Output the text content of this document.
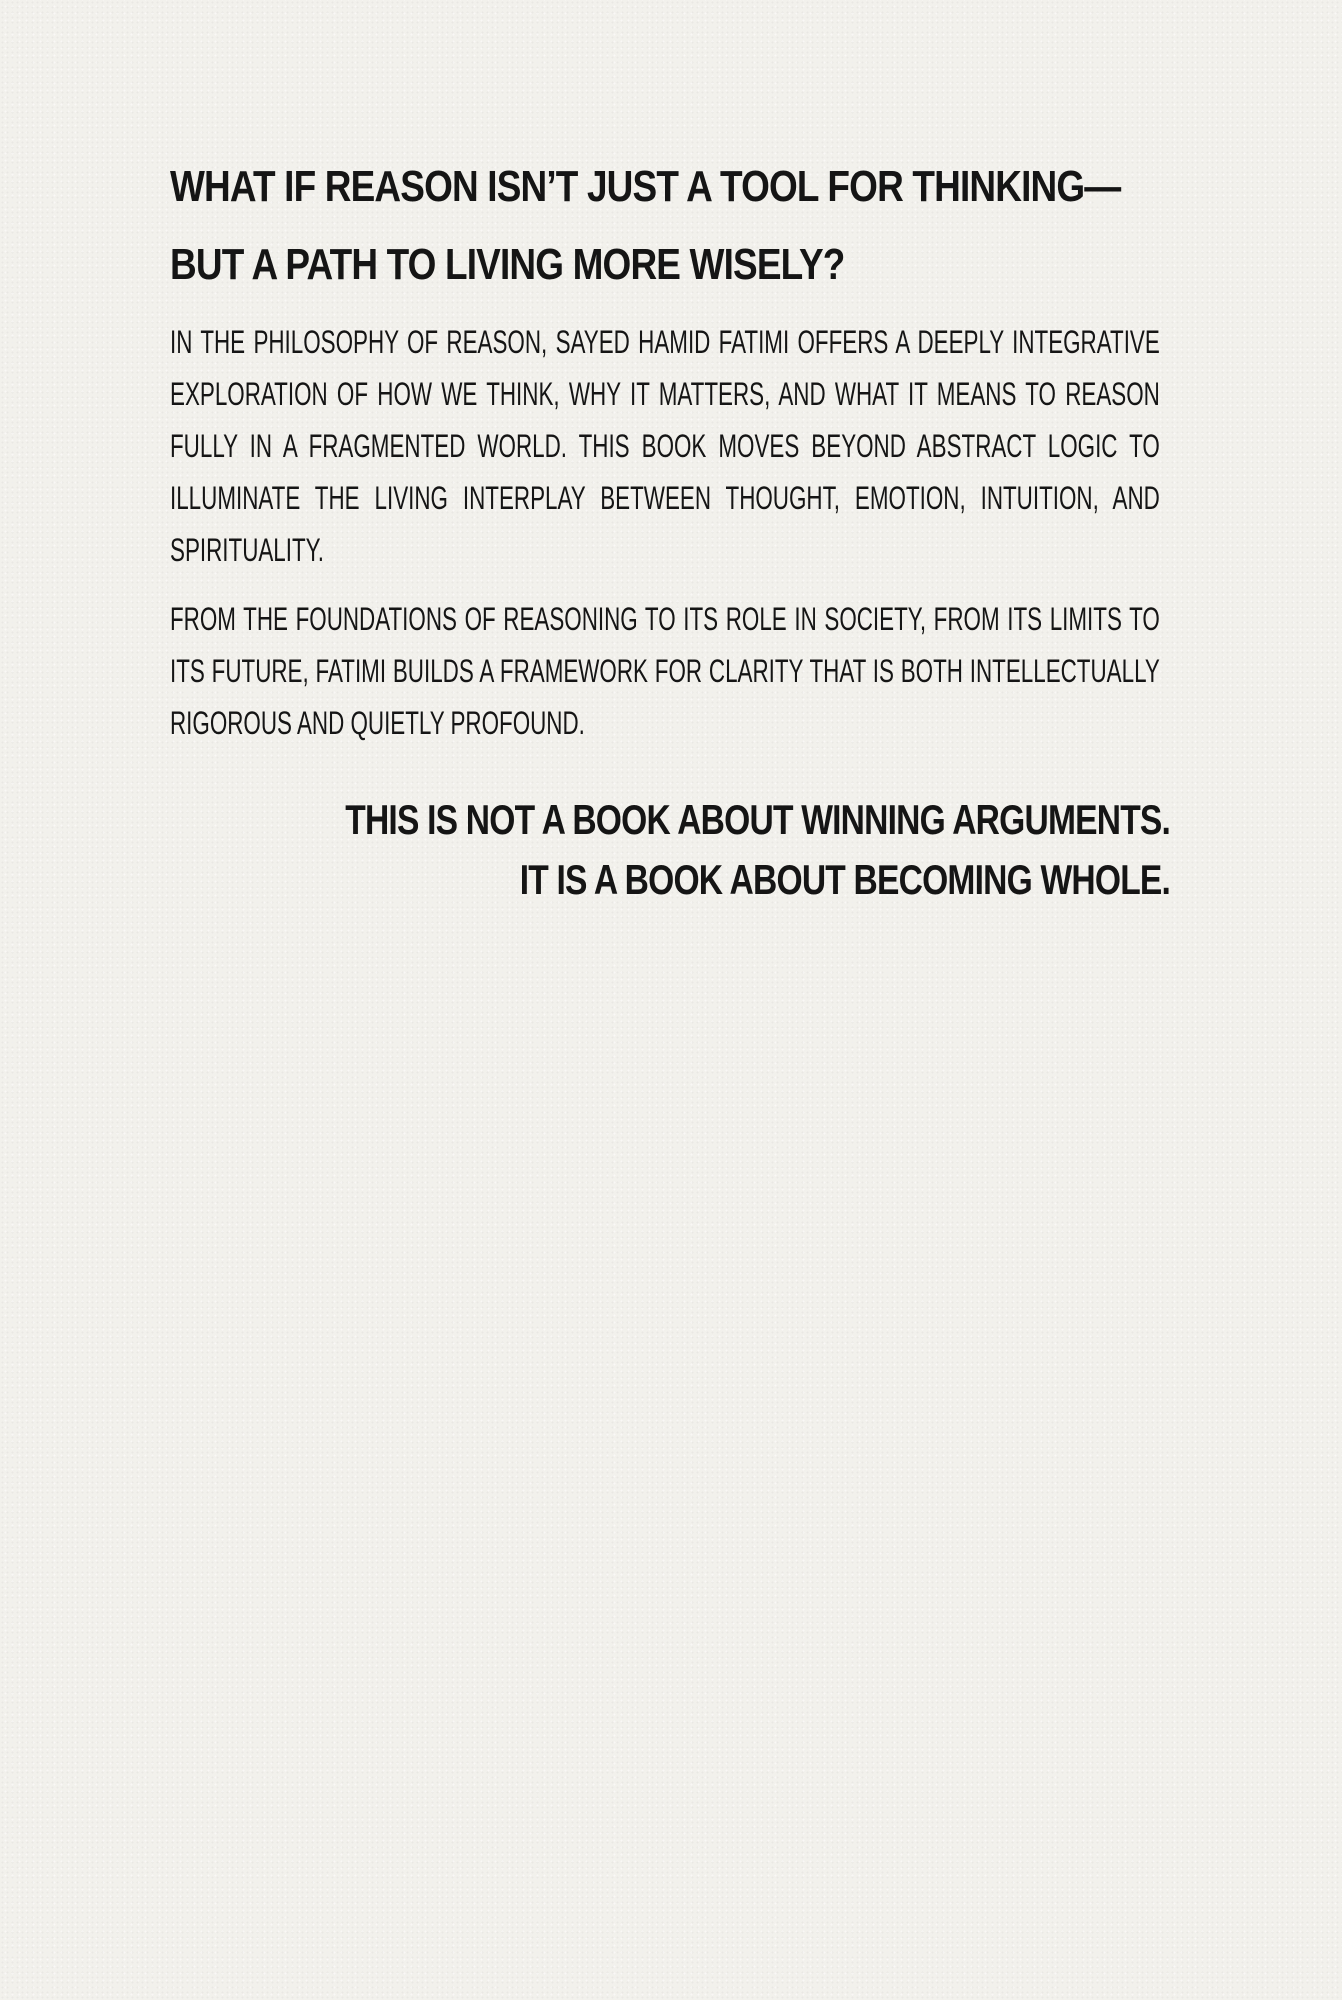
WHAT IF REASON ISN’T JUST A TOOL FOR THINKING—
BUT A PATH TO LIVING MORE WISELY?

IN THE PHILOSOPHY OF REASON, SAYED HAMID FATIMI OFFERS A DEEPLY INTEGRATIVE EXPLORATION OF HOW WE THINK, WHY IT MATTERS, AND WHAT IT MEANS TO REASON FULLY IN A FRAGMENTED WORLD. THIS BOOK MOVES BEYOND ABSTRACT LOGIC TO ILLUMINATE THE LIVING INTERPLAY BETWEEN THOUGHT, EMOTION, INTUITION, AND SPIRITUALITY.

FROM THE FOUNDATIONS OF REASONING TO ITS ROLE IN SOCIETY, FROM ITS LIMITS TO ITS FUTURE, FATIMI BUILDS A FRAMEWORK FOR CLARITY THAT IS BOTH INTELLECTUALLY RIGOROUS AND QUIETLY PROFOUND.

THIS IS NOT A BOOK ABOUT WINNING ARGUMENTS.
IT IS A BOOK ABOUT BECOMING WHOLE.
